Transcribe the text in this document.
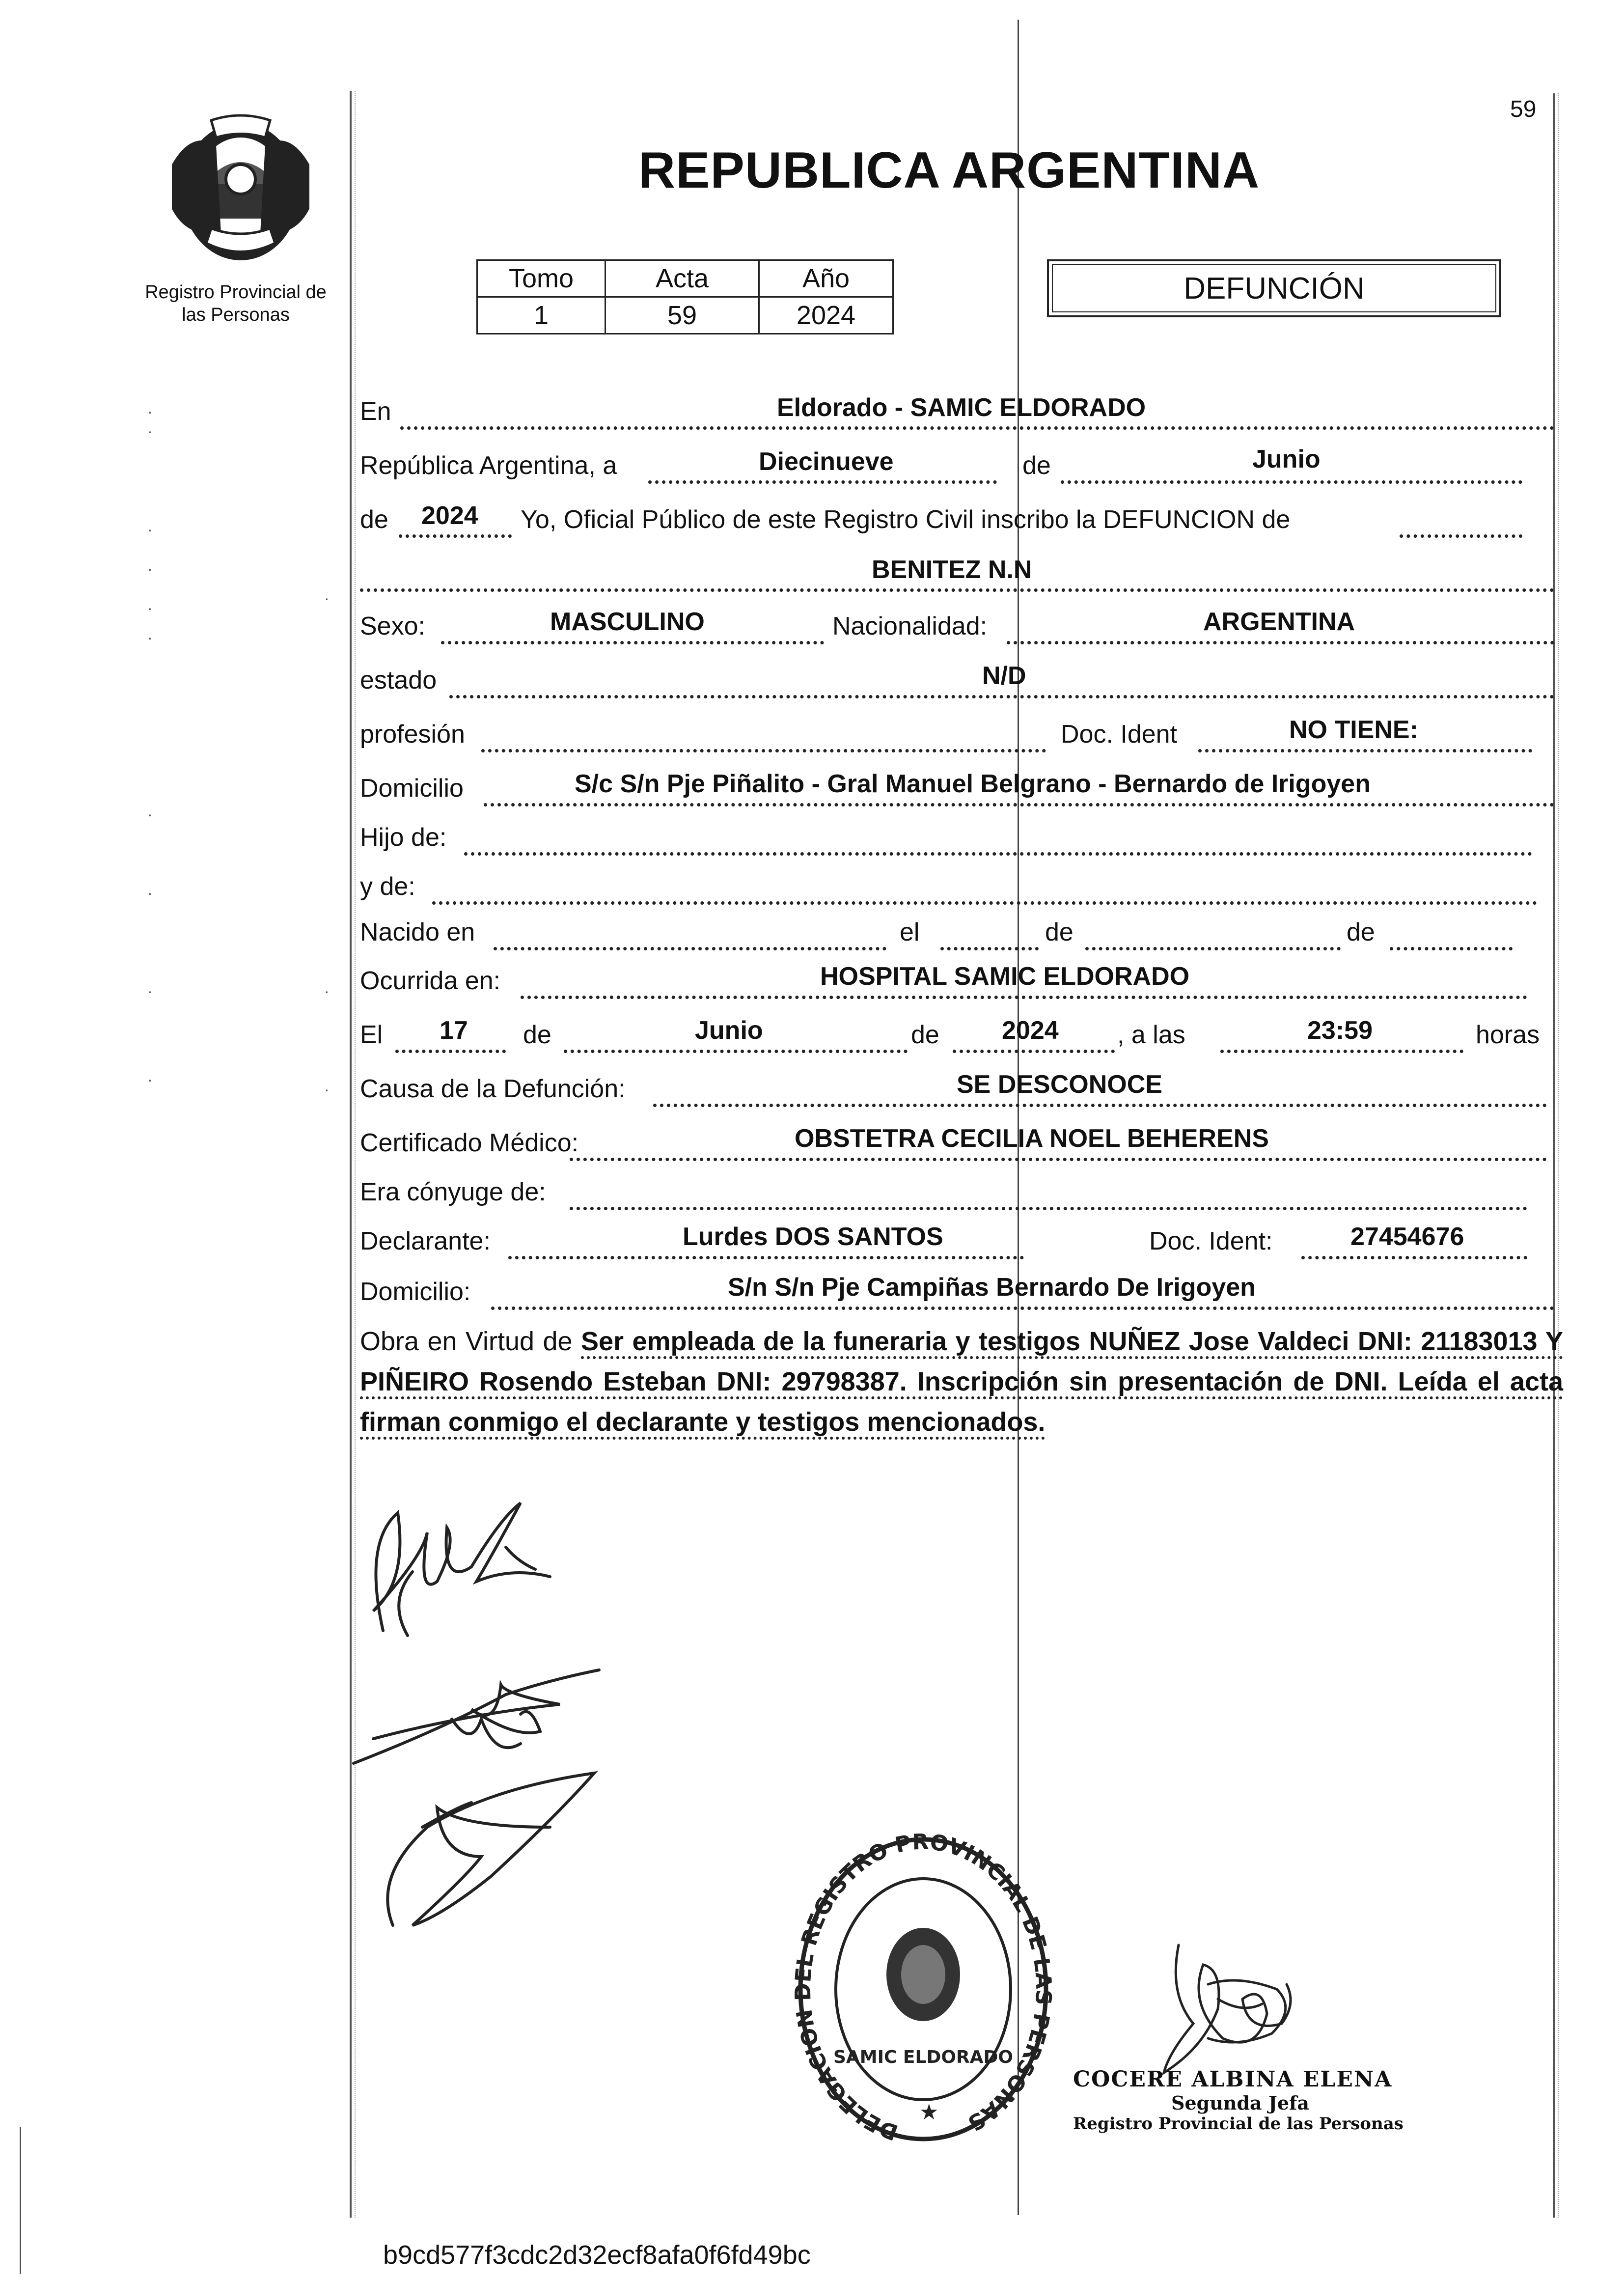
·
·
·
·
·
·
·
·
·
·
·
·
·
Registro Provincial de
las Personas
59
REPUBLICA ARGENTINA
Tomo	Acta	Año
1	59	2024
DEFUNCIÓN
En	Eldorado - SAMIC ELDORADO
República Argentina, a	Diecinueve	de	Junio
de 2024 Yo, Oficial Público de este Registro Civil inscribo la DEFUNCION de
BENITEZ N.N
Sexo:	MASCULINO	Nacionalidad:	ARGENTINA
estado	N/D
profesión	Doc. Ident	NO TIENE:
Domicilio	S/c S/n Pje Piñalito - Gral Manuel Belgrano - Bernardo de Irigoyen
Hijo de:
y de:
Nacido en	el	de	de
Ocurrida en:	HOSPITAL SAMIC ELDORADO
El 17 de	Junio	de 2024 , a las	23:59	horas
Causa de la Defunción:	SE DESCONOCE
Certificado Médico:	OBSTETRA CECILIA NOEL BEHERENS
Era cónyuge de:
Declarante:	Lurdes DOS SANTOS	Doc. Ident:	27454676
Domicilio:	S/n S/n Pje Campiñas Bernardo De Irigoyen
Obra en Virtud de Ser empleada de la funeraria y testigos NUÑEZ Jose Valdeci DNI: 21183013 Y PIÑEIRO Rosendo Esteban DNI: 29798387. Inscripción sin presentación de DNI. Leída el acta firman conmigo el declarante y testigos mencionados.
DELEGACION DEL REGISTRO PROVINCIAL DE LAS PERSONAS
SAMIC ELDORADO
★
COCERE ALBINA ELENA
Segunda Jefa
Registro Provincial de las Personas
b9cd577f3cdc2d32ecf8afa0f6fd49bc
